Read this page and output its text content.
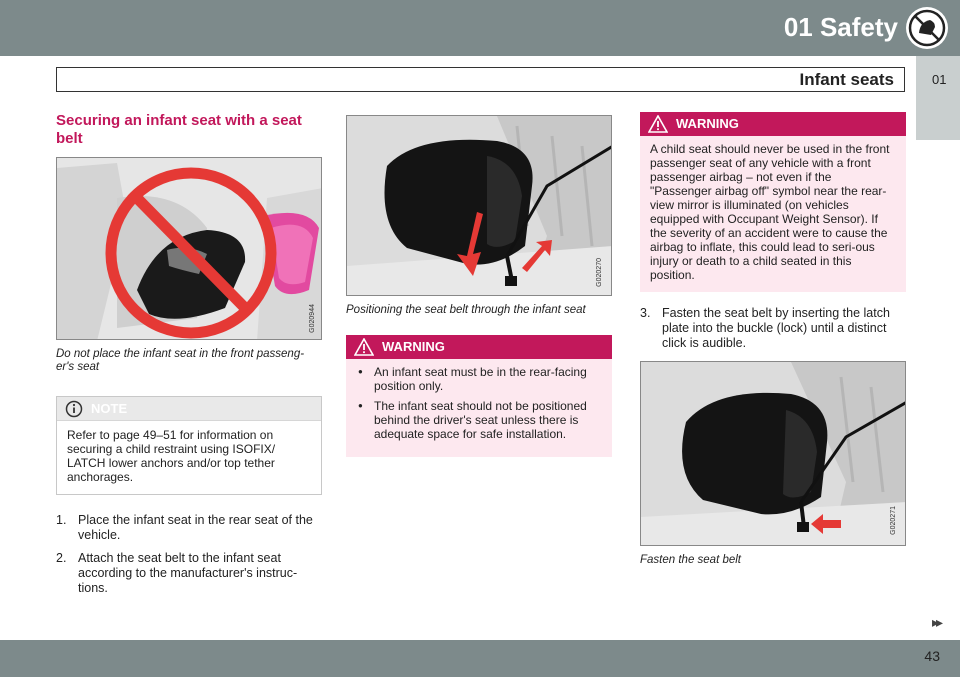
01 Safety
01
Infant seats
Securing an infant seat with a seat belt
G020944
Do not place the infant seat in the front passeng-er's seat
NOTE
Refer to page 49–51 for information on securing a child restraint using ISOFIX/ LATCH lower anchors and/or top tether anchorages.
1. Place the infant seat in the rear seat of the vehicle.
2. Attach the seat belt to the infant seat according to the manufacturer's instruc-tions.
G020270
Positioning the seat belt through the infant seat
WARNING
● An infant seat must be in the rear-facing position only.
● The infant seat should not be positioned behind the driver's seat unless there is adequate space for safe installation.
WARNING
A child seat should never be used in the front passenger seat of any vehicle with a front passenger airbag – not even if the "Passenger airbag off" symbol near the rear-view mirror is illuminated (on vehicles equipped with Occupant Weight Sensor). If the severity of an accident were to cause the airbag to inflate, this could lead to seri-ous injury or death to a child seated in this position.
3. Fasten the seat belt by inserting the latch plate into the buckle (lock) until a distinct click is audible.
G020271
Fasten the seat belt
▸▸
43
